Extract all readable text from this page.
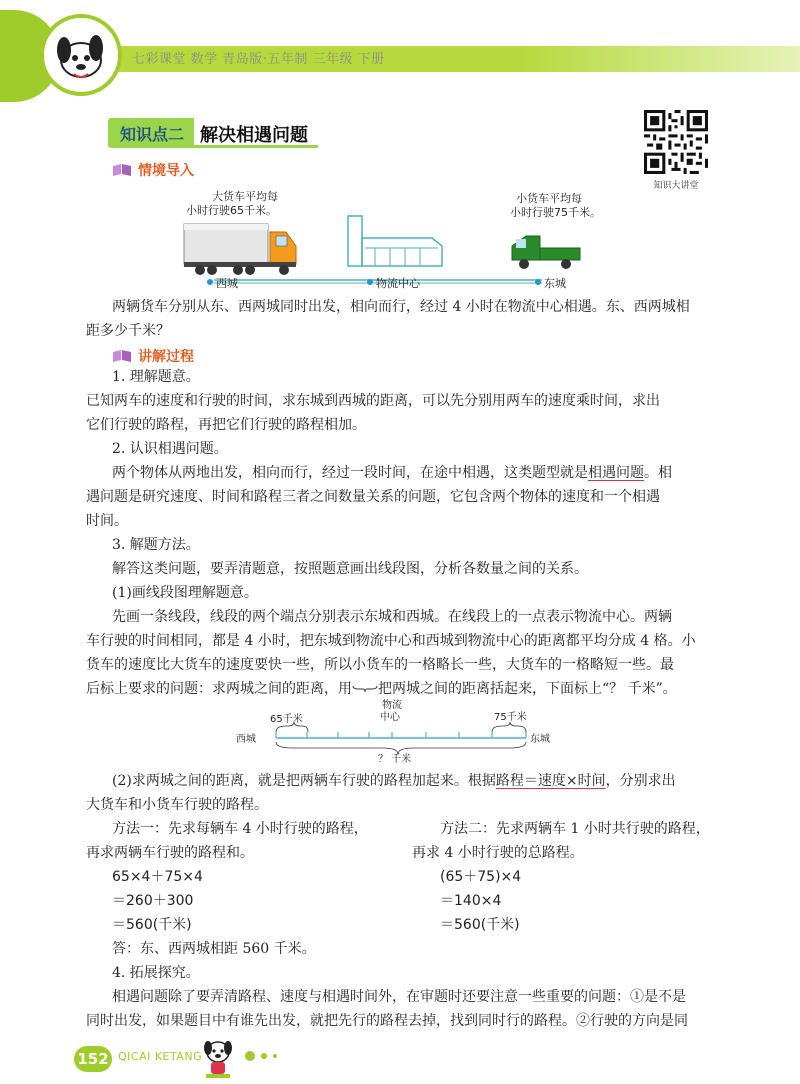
七彩课堂 数学 青岛版·五年制 三年级 下册
知识点二 解决相遇问题
知识大讲堂
情境导入
大货车平均每
小时行驶65千米。
小货车平均每
小时行驶75千米。
西城	物流中心	东城
两辆货车分别从东、西两城同时出发，相向而行，经过 4 小时在物流中心相遇。东、西两城相
距多少千米？
讲解过程
1. 理解题意。
已知两车的速度和行驶的时间，求东城到西城的距离，可以先分别用两车的速度乘时间，求出
它们行驶的路程，再把它们行驶的路程相加。
2. 认识相遇问题。
两个物体从两地出发，相向而行，经过一段时间，在途中相遇，这类题型就是相遇问题。相
遇问题是研究速度、时间和路程三者之间数量关系的问题，它包含两个物体的速度和一个相遇
时间。
3. 解题方法。
解答这类问题，要弄清题意，按照题意画出线段图，分析各数量之间的关系。
(1)画线段图理解题意。
先画一条线段，线段的两个端点分别表示东城和西城。在线段上的一点表示物流中心。两辆
车行驶的时间相同，都是 4 小时，把东城到物流中心和西城到物流中心的距离都平均分成 4 格。小
货车的速度比大货车的速度要快一些，所以小货车的一格略长一些，大货车的一格略短一些。最
后标上要求的问题：求两城之间的距离，用 把两城之间的距离括起来，下面标上“？ 千米”。
物流
中心
65千米	75千米
西城	东城
？ 千米
(2)求两城之间的距离，就是把两辆车行驶的路程加起来。根据路程＝速度×时间，分别求出
大货车和小货车行驶的路程。
方法一：先求每辆车 4 小时行驶的路程，
再求两辆车行驶的路程和。
65×4＋75×4
＝260＋300
＝560(千米)
方法二：先求两辆车 1 小时共行驶的路程，
再求 4 小时行驶的总路程。
(65＋75)×4
＝140×4
＝560(千米)
答：东、西两城相距 560 千米。
4. 拓展探究。
相遇问题除了要弄清路程、速度与相遇时间外，在审题时还要注意一些重要的问题：①是不是
同时出发，如果题目中有谁先出发，就把先行的路程去掉，找到同时行的路程。②行驶的方向是同
152 QICAI KETANG
